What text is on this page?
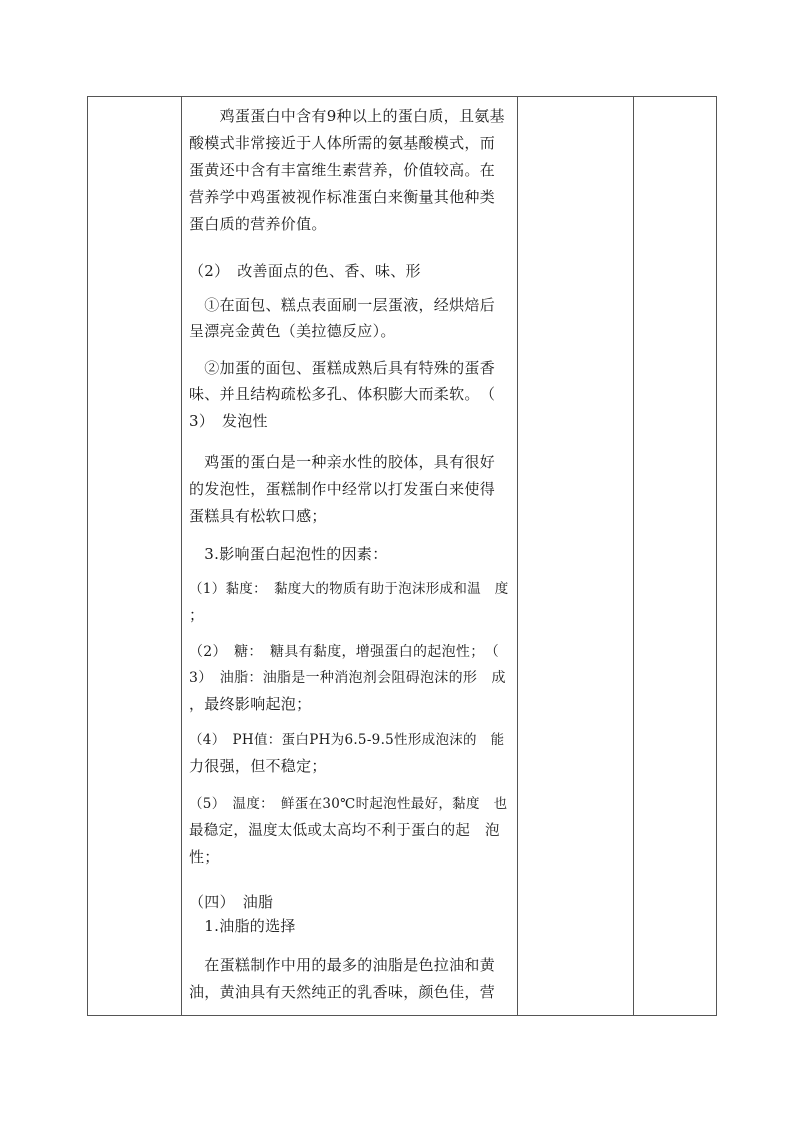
　　鸡蛋蛋白中含有9种以上的蛋白质，且氨基
酸模式非常接近于人体所需的氨基酸模式，而
蛋黄还中含有丰富维生素营养，价值较高。在
营养学中鸡蛋被视作标准蛋白来衡量其他种类
蛋白质的营养价值。
（2）　改善面点的色、香、味、形
　①在面包、糕点表面刷一层蛋液，经烘焙后
呈漂亮金黄色（美拉德反应）。
　②加蛋的面包、蛋糕成熟后具有特殊的蛋香
味、并且结构疏松多孔、体积膨大而柔软。　（
3）　发泡性
　鸡蛋的蛋白是一种亲水性的胶体，具有很好
的发泡性，蛋糕制作中经常以打发蛋白来使得
蛋糕具有松软口感；
　3.影响蛋白起泡性的因素：
（1）黏度：　黏度大的物质有助于泡沫形成和温　度
；
（2）　糖：　糖具有黏度，增强蛋白的起泡性；　（
3）　油脂：油脂是一种消泡剂会阻碍泡沫的形　成
，最终影响起泡；
（4）　PH值：蛋白PH为6.5-9.5性形成泡沫的　能
力很强，但不稳定；
（5）　温度：　鲜蛋在30℃时起泡性最好，黏度　也
最稳定，温度太低或太高均不利于蛋白的起　泡
性；
（四）　油脂
　1.油脂的选择
　在蛋糕制作中用的最多的油脂是色拉油和黄
油，黄油具有天然纯正的乳香味，颜色佳，营
